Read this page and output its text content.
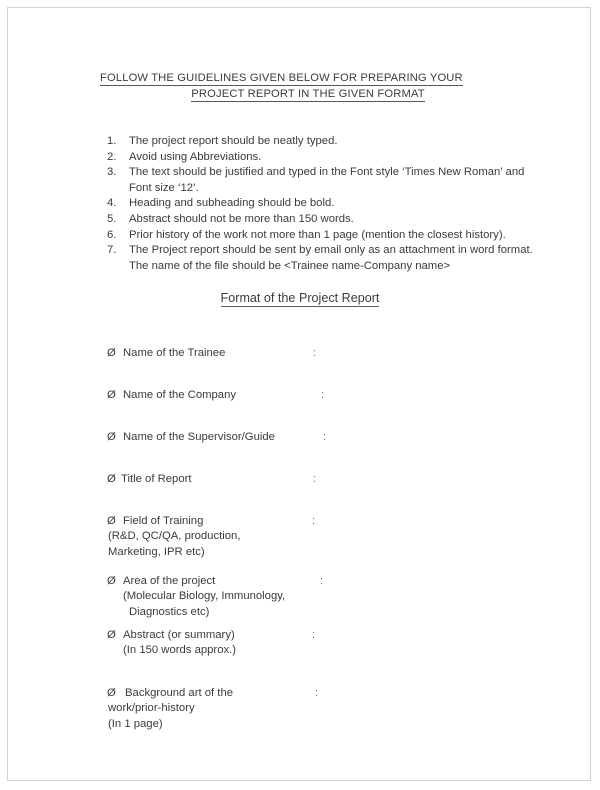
FOLLOW THE GUIDELINES GIVEN BELOW FOR PREPARING YOUR
PROJECT REPORT IN THE GIVEN FORMAT
1. The project report should be neatly typed.
2. Avoid using Abbreviations.
3. The text should be justified and typed in the Font style ‘Times New Roman’ and
Font size ‘12’.
4. Heading and subheading should be bold.
5. Abstract should not be more than 150 words.
6. Prior history of the work not more than 1 page (mention the closest history).
7. The Project report should be sent by email only as an attachment in word format.
The name of the file should be <Trainee name-Company name>
Format of the Project Report
Ø Name of the Trainee	:
Ø Name of the Company	:
Ø Name of the Supervisor/Guide	:
Ø Title of Report	:
Ø Field of Training	:
(R&D, QC/QA, production,
Marketing, IPR etc)
Ø Area of the project	:
(Molecular Biology, Immunology,
Diagnostics etc)
Ø Abstract (or summary)	:
(In 150 words approx.)
Ø Background art of the	:
work/prior-history
(In 1 page)
